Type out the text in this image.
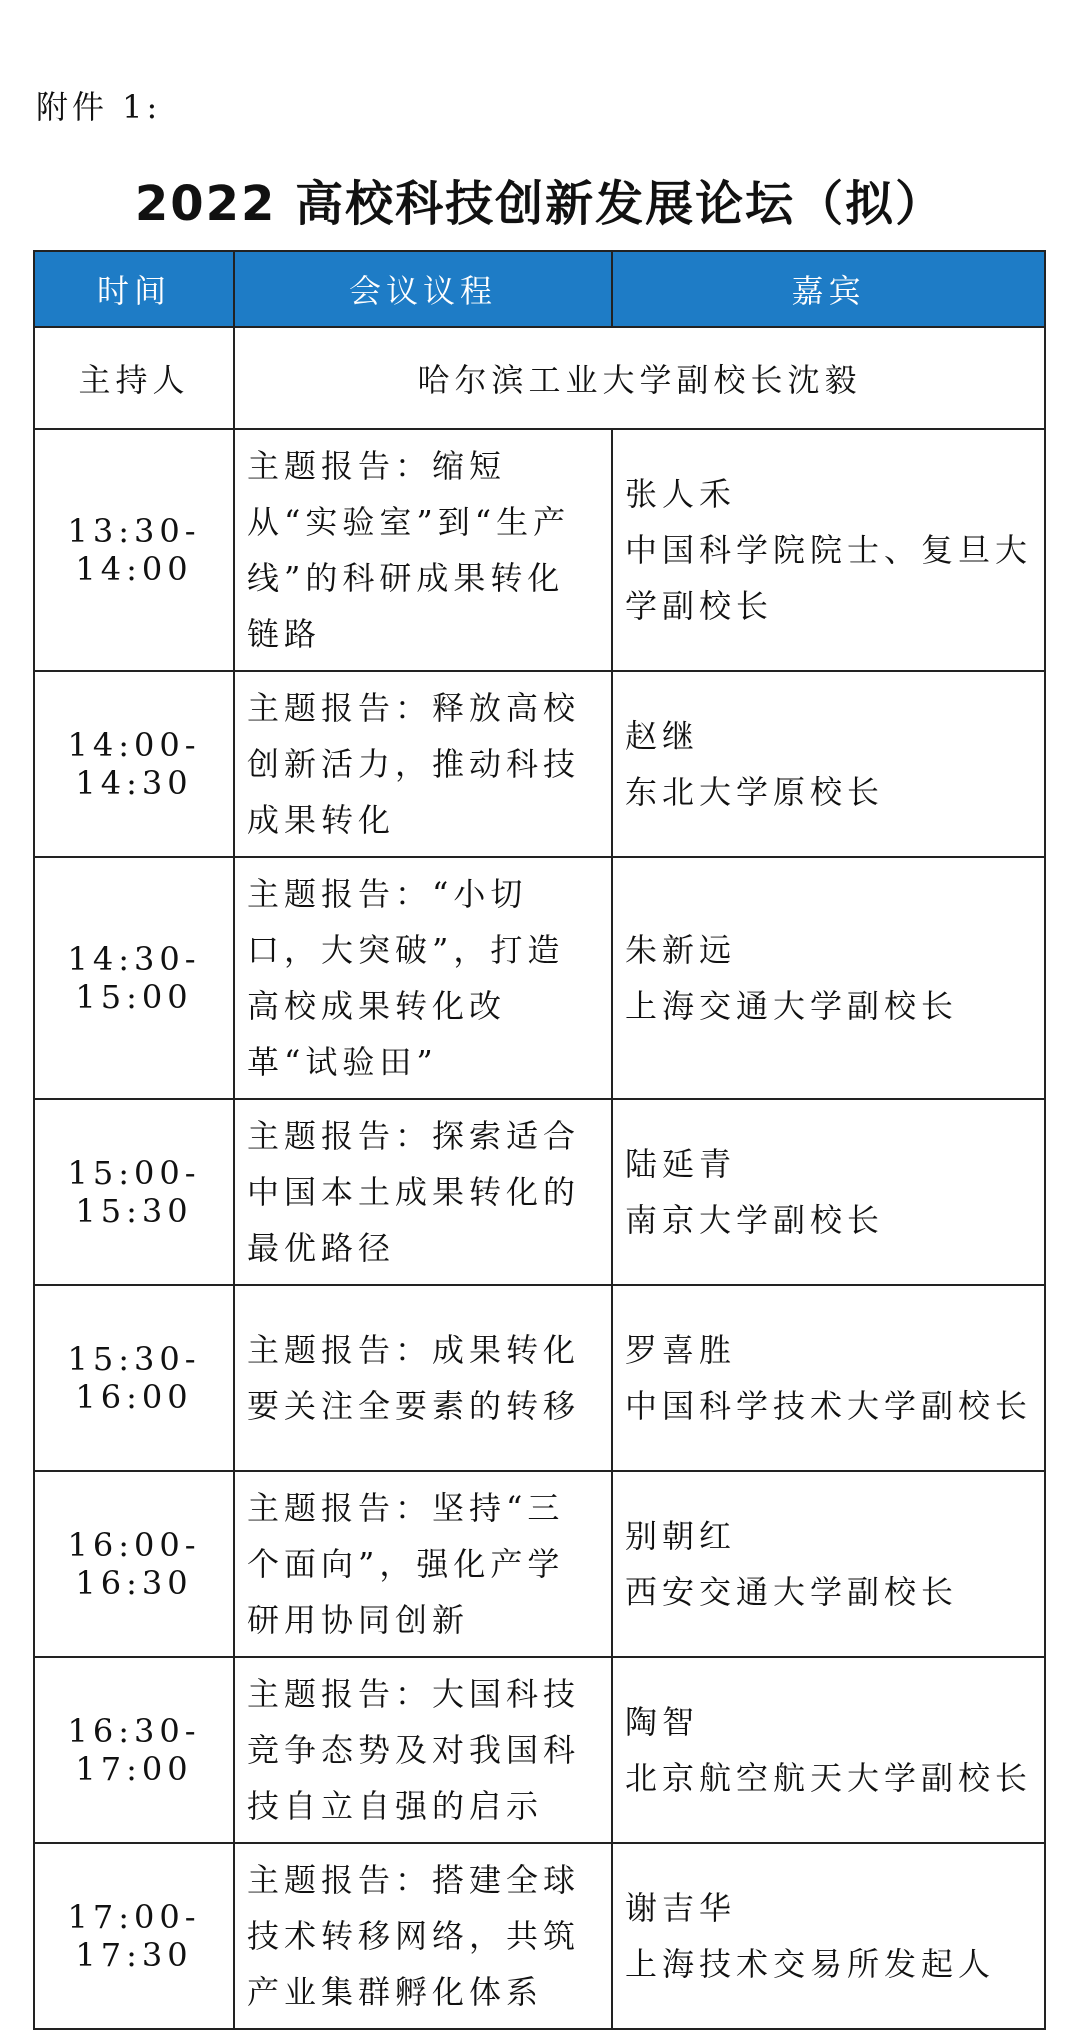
附件 1:
2022 高校科技创新发展论坛（拟）
时间	会议议程	嘉宾
主持人	哈尔滨工业大学副校长沈毅	
13:30-14:00	主题报告：缩短从“实验室”到“生产线”的科研成果转化链路	张人禾
中国科学院院士、复旦大学副校长

14:00-14:30	主题报告：释放高校创新活力，推动科技成果转化	赵继
东北大学原校长

14:30-15:00	主题报告：“小切口，大突破”，打造高校成果转化改革“试验田”	朱新远
上海交通大学副校长

15:00-15:30	主题报告：探索适合中国本土成果转化的最优路径	陆延青
南京大学副校长

15:30-16:00	主题报告：成果转化要关注全要素的转移	罗喜胜
中国科学技术大学副校长

16:00-16:30	主题报告：坚持“三个面向”，强化产学研用协同创新	别朝红
西安交通大学副校长

16:30-17:00	主题报告：大国科技竞争态势及对我国科技自立自强的启示	陶智
北京航空航天大学副校长

17:00-17:30	主题报告：搭建全球技术转移网络，共筑产业集群孵化体系	谢吉华
上海技术交易所发起人
